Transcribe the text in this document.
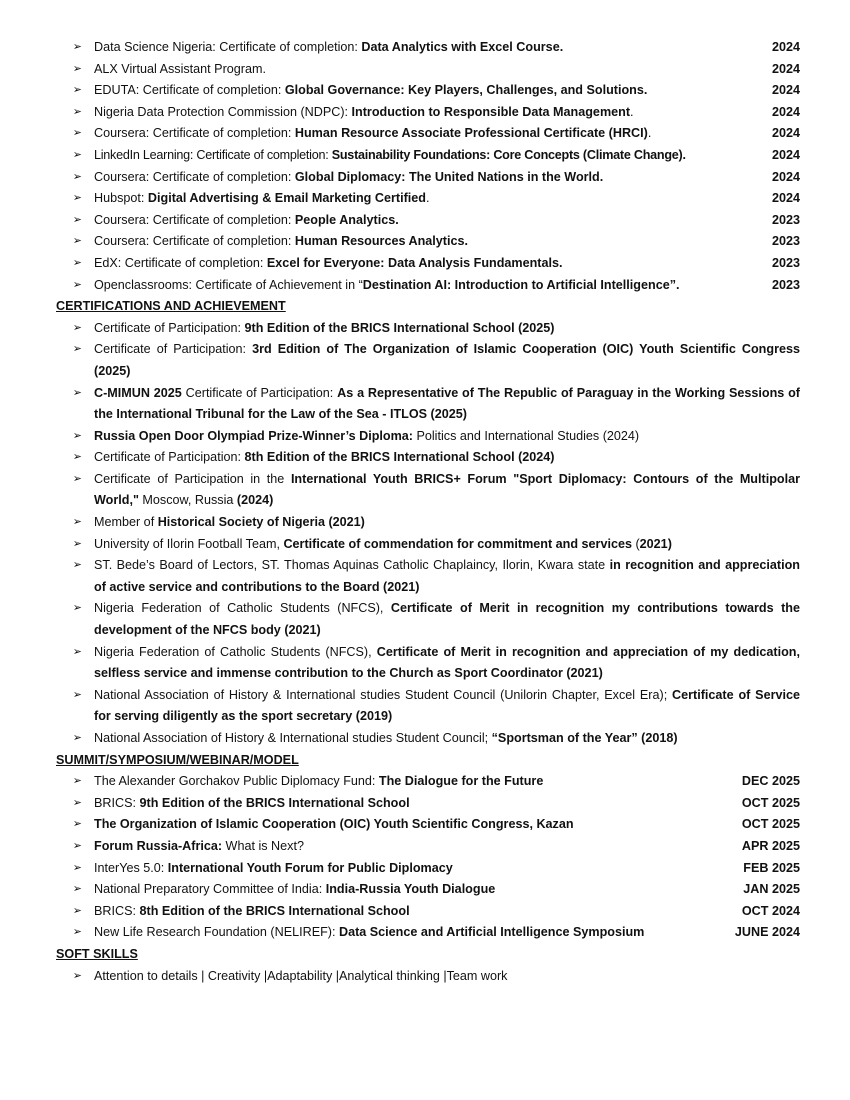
➢ Data Science Nigeria: Certificate of completion: Data Analytics with Excel Course.	2024
➢ ALX Virtual Assistant Program.	2024
➢ EDUTA: Certificate of completion: Global Governance: Key Players, Challenges, and Solutions.	2024
➢ Nigeria Data Protection Commission (NDPC): Introduction to Responsible Data Management.	2024
➢ Coursera: Certificate of completion: Human Resource Associate Professional Certificate (HRCI).	2024
➢ LinkedIn Learning: Certificate of completion: Sustainability Foundations: Core Concepts (Climate Change).	2024
➢ Coursera: Certificate of completion: Global Diplomacy: The United Nations in the World.	2024
➢ Hubspot: Digital Advertising & Email Marketing Certified.	2024
➢ Coursera: Certificate of completion: People Analytics.	2023
➢ Coursera: Certificate of completion: Human Resources Analytics.	2023
➢ EdX: Certificate of completion: Excel for Everyone: Data Analysis Fundamentals.	2023
➢ Openclassrooms: Certificate of Achievement in “Destination AI: Introduction to Artificial Intelligence”.	2023
CERTIFICATIONS AND ACHIEVEMENT
➢ Certificate of Participation: 9th Edition of the BRICS International School (2025)
➢ Certificate of Participation: 3rd Edition of The Organization of Islamic Cooperation (OIC) Youth Scientific Congress (2025)
➢ C-MIMUN 2025 Certificate of Participation: As a Representative of The Republic of Paraguay in the Working Sessions of the International Tribunal for the Law of the Sea - ITLOS (2025)
➢ Russia Open Door Olympiad Prize-Winner’s Diploma: Politics and International Studies (2024)
➢ Certificate of Participation: 8th Edition of the BRICS International School (2024)
➢ Certificate of Participation in the International Youth BRICS+ Forum "Sport Diplomacy: Contours of the Multipolar World," Moscow, Russia (2024)
➢ Member of Historical Society of Nigeria (2021)
➢ University of Ilorin Football Team, Certificate of commendation for commitment and services (2021)
➢ ST. Bede’s Board of Lectors, ST. Thomas Aquinas Catholic Chaplaincy, Ilorin, Kwara state in recognition and appreciation of active service and contributions to the Board (2021)
➢ Nigeria Federation of Catholic Students (NFCS), Certificate of Merit in recognition my contributions towards the development of the NFCS body (2021)
➢ Nigeria Federation of Catholic Students (NFCS), Certificate of Merit in recognition and appreciation of my dedication, selfless service and immense contribution to the Church as Sport Coordinator (2021)
➢ National Association of History & International studies Student Council (Unilorin Chapter, Excel Era); Certificate of Service for serving diligently as the sport secretary (2019)
➢ National Association of History & International studies Student Council; “Sportsman of the Year” (2018)
SUMMIT/SYMPOSIUM/WEBINAR/MODEL
➢ The Alexander Gorchakov Public Diplomacy Fund: The Dialogue for the Future	DEC 2025
➢ BRICS: 9th Edition of the BRICS International School	OCT 2025
➢ The Organization of Islamic Cooperation (OIC) Youth Scientific Congress, Kazan	OCT 2025
➢ Forum Russia-Africa: What is Next?	APR 2025
➢ InterYes 5.0: International Youth Forum for Public Diplomacy	FEB 2025
➢ National Preparatory Committee of India: India-Russia Youth Dialogue	JAN 2025
➢ BRICS: 8th Edition of the BRICS International School	OCT 2024
➢ New Life Research Foundation (NELIREF): Data Science and Artificial Intelligence Symposium	JUNE 2024
SOFT SKILLS
➢ Attention to details | Creativity |Adaptability |Analytical thinking |Team work
